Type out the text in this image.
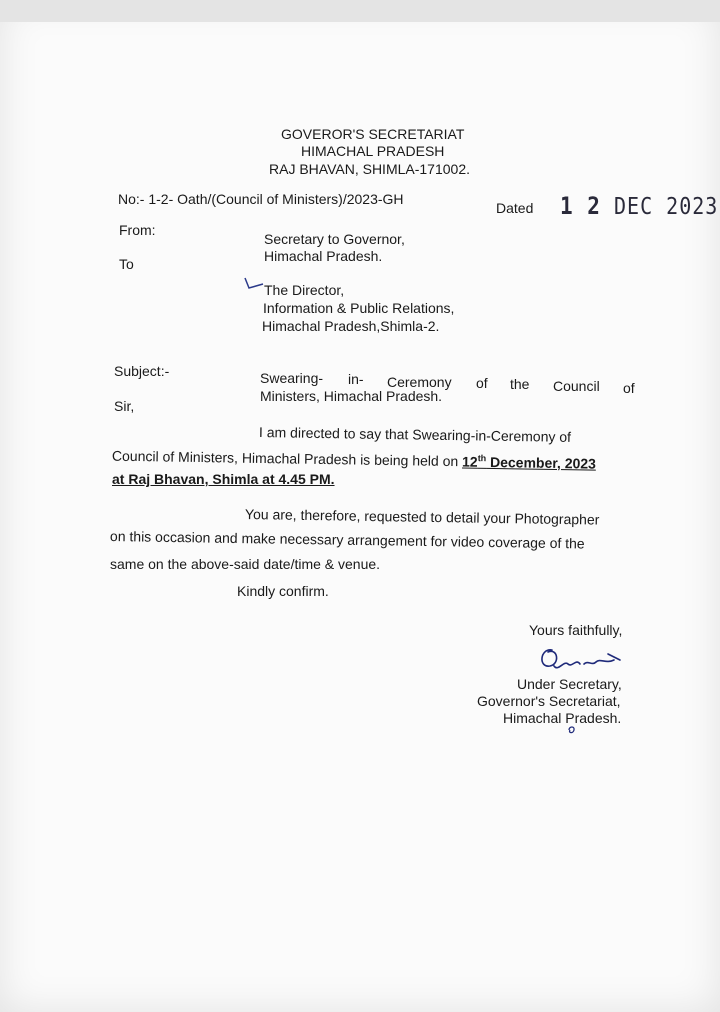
GOVEROR'S SECRETARIAT
HIMACHAL PRADESH
RAJ BHAVAN, SHIMLA-171002.
No:- 1-2- Oath/(Council of Ministers)/2023-GH
Dated 1 2 DEC 2023
From:
Secretary to Governor,
Himachal Pradesh.
To
The Director,
Information & Public Relations,
Himachal Pradesh,Shimla-2.
Subject:-	Swearing- in- Ceremony of the Council of
Ministers, Himachal Pradesh.
Sir,
I am directed to say that Swearing-in-Ceremony of
Council of Ministers, Himachal Pradesh is being held on 12th December, 2023
at Raj Bhavan, Shimla at 4.45 PM.
You are, therefore, requested to detail your Photographer
on this occasion and make necessary arrangement for video coverage of the
same on the above-said date/time & venue.
Kindly confirm.
Yours faithfully,
Under Secretary,
Governor's Secretariat,
Himachal Pradesh.
